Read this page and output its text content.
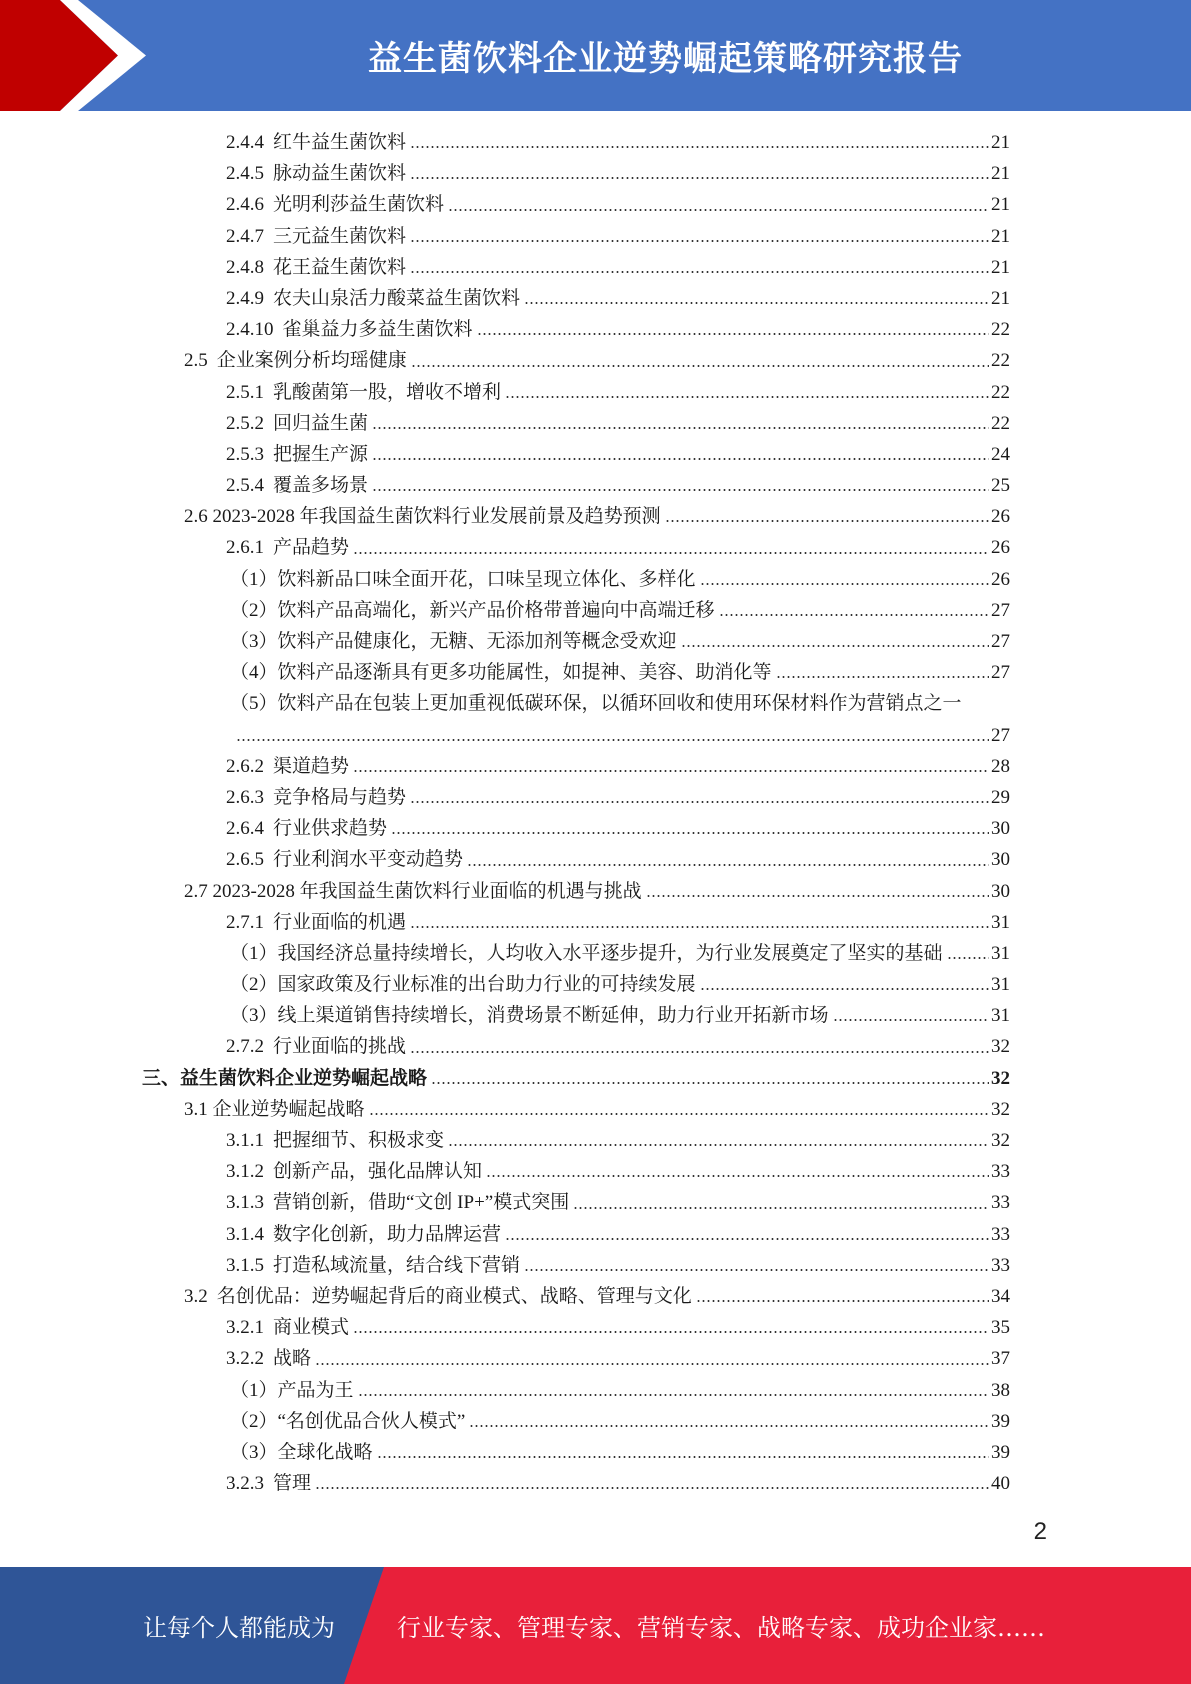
益生菌饮料企业逆势崛起策略研究报告
2.4.4 红牛益生菌饮料	21
2.4.5 脉动益生菌饮料	21
2.4.6 光明利莎益生菌饮料	21
2.4.7 三元益生菌饮料	21
2.4.8 花王益生菌饮料	21
2.4.9 农夫山泉活力酸菜益生菌饮料	21
2.4.10 雀巢益力多益生菌饮料	22
2.5 企业案例分析均瑶健康	22
2.5.1 乳酸菌第一股，增收不增利	22
2.5.2 回归益生菌	22
2.5.3 把握生产源	24
2.5.4 覆盖多场景	25
2.6 2023-2028 年我国益生菌饮料行业发展前景及趋势预测	26
2.6.1 产品趋势	26
（1）饮料新品口味全面开花，口味呈现立体化、多样化	26
（2）饮料产品高端化，新兴产品价格带普遍向中高端迁移	27
（3）饮料产品健康化，无糖、无添加剂等概念受欢迎	27
（4）饮料产品逐渐具有更多功能属性，如提神、美容、助消化等	27
（5）饮料产品在包装上更加重视低碳环保，以循环回收和使用环保材料作为营销点之一
27
2.6.2 渠道趋势	28
2.6.3 竞争格局与趋势	29
2.6.4 行业供求趋势	30
2.6.5 行业利润水平变动趋势	30
2.7 2023-2028 年我国益生菌饮料行业面临的机遇与挑战	30
2.7.1 行业面临的机遇	31
（1）我国经济总量持续增长，人均收入水平逐步提升，为行业发展奠定了坚实的基础	31
（2）国家政策及行业标准的出台助力行业的可持续发展	31
（3）线上渠道销售持续增长，消费场景不断延伸，助力行业开拓新市场	31
2.7.2 行业面临的挑战	32
三、益生菌饮料企业逆势崛起战略	32
3.1 企业逆势崛起战略	32
3.1.1 把握细节、积极求变	32
3.1.2 创新产品，强化品牌认知	33
3.1.3 营销创新，借助“文创 IP+”模式突围	33
3.1.4 数字化创新，助力品牌运营	33
3.1.5 打造私域流量，结合线下营销	33
3.2 名创优品：逆势崛起背后的商业模式、战略、管理与文化	34
3.2.1 商业模式	35
3.2.2 战略	37
（1）产品为王	38
（2）“名创优品合伙人模式”	39
（3）全球化战略	39
3.2.3 管理	40
2
让每个人都能成为	行业专家、管理专家、营销专家、战略专家、成功企业家……
